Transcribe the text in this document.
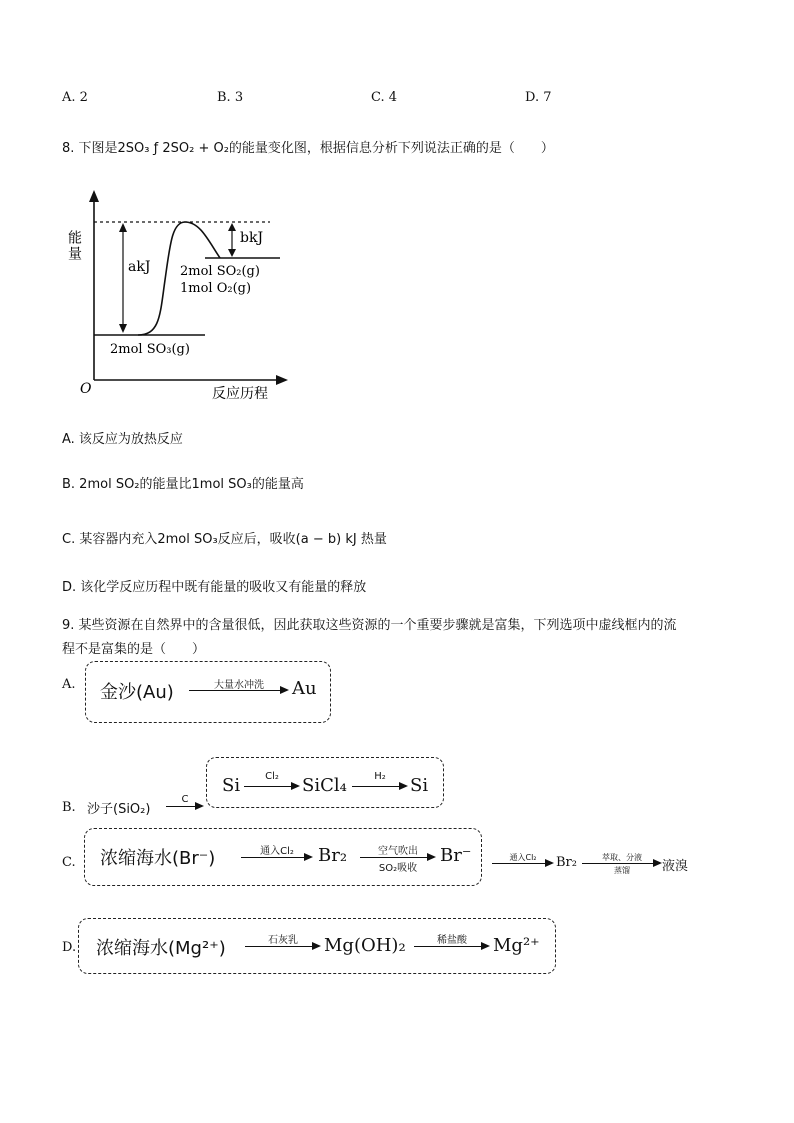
A. 2	B. 3	C. 4	D. 7
8. 下图是2SO₃ ƒ 2SO₂ + O₂的能量变化图，根据信息分析下列说法正确的是（　　）
能量
akJ
bkJ
2mol SO₂(g)
1mol O₂(g)
2mol SO₃(g)
O	反应历程
A. 该反应为放热反应
B. 2mol SO₂的能量比1mol SO₃的能量高
C. 某容器内充入2mol SO₃反应后，吸收(a − b) kJ 热量
D. 该化学反应历程中既有能量的吸收又有能量的释放
9. 某些资源在自然界中的含量很低，因此获取这些资源的一个重要步骤就是富集，下列选项中虚线框内的流
程不是富集的是（　　）
A. 金沙(Au)	大量水冲洗	Au
Si	Cl₂	SiCl₄	H₂	Si
B. 沙子(SiO₂)
C
C. 浓缩海水(Br⁻)	通入Cl₂	Br₂	空气吹出
SO₂吸收
Br⁻	通入Cl₂	Br₂	萃取、分液
蒸馏	液溴
D. 浓缩海水(Mg²⁺)	石灰乳	Mg(OH)₂	稀盐酸	Mg²⁺
